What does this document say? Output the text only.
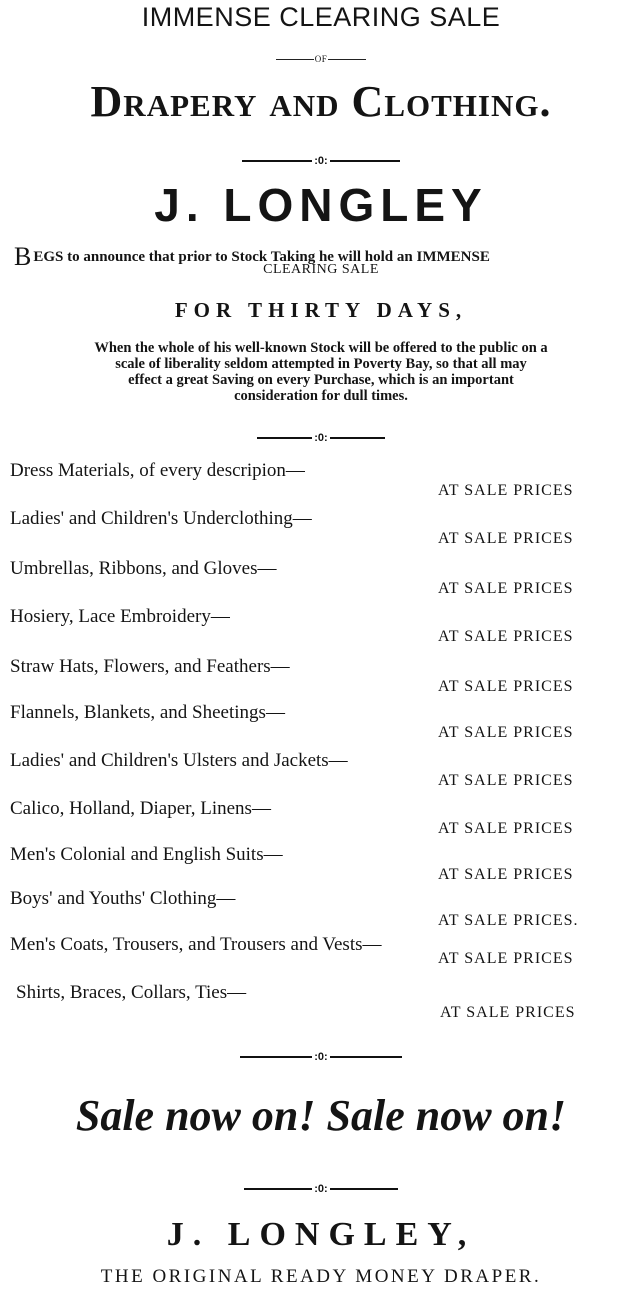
IMMENSE CLEARING SALE
OF
Drapery and Clothing.
:0:
J. LONGLEY
BEGS to announce that prior to Stock Taking he will hold an IMMENSE
CLEARING SALE
FOR THIRTY DAYS,
When the whole of his well-known Stock will be offered to the public on a
scale of liberality seldom attempted in Poverty Bay, so that all may
effect a great Saving on every Purchase, which is an important
consideration for dull times.
:0:
Dress Materials, of every descripion—
AT SALE PRICES
Ladies' and Children's Underclothing—
AT SALE PRICES
Umbrellas, Ribbons, and Gloves—
AT SALE PRICES
Hosiery, Lace Embroidery—
AT SALE PRICES
Straw Hats, Flowers, and Feathers—
AT SALE PRICES
Flannels, Blankets, and Sheetings—
AT SALE PRICES
Ladies' and Children's Ulsters and Jackets—
AT SALE PRICES
Calico, Holland, Diaper, Linens—
AT SALE PRICES
Men's Colonial and English Suits—
AT SALE PRICES
Boys' and Youths' Clothing—
AT SALE PRICES.
Men's Coats, Trousers, and Trousers and Vests—
AT SALE PRICES
Shirts, Braces, Collars, Ties—
AT SALE PRICES
:0:
Sale now on! Sale now on!
:0:
J. LONGLEY,
THE ORIGINAL READY MONEY DRAPER.
